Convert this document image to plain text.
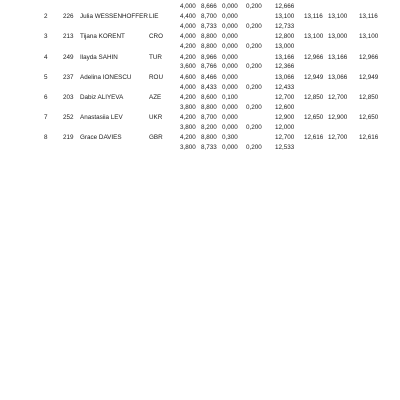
4,000 8,666 0,000 0,200 12,666
2 226 Julia WESSENHOFFER LIE	4,400 8,700 0,000	13,100 13,116 13,100 13,116
4,000 8,733 0,000 0,200 12,733
3 213 Tijana KORENT	CRO	4,000 8,800 0,000	12,800 13,100 13,000 13,100
4,200 8,800 0,000 0,200 13,000
4 249 Ilayda SAHIN	TUR	4,200 8,966 0,000	13,166 12,966 13,166 12,966
3,600 8,766 0,000 0,200 12,366
5 237 Adelina IONESCU	ROU	4,600 8,466 0,000	13,066 12,949 13,066 12,949
4,000 8,433 0,000 0,200 12,433
6 203 Dabiz ALIYEVA	AZE	4,200 8,600 0,100	12,700 12,850 12,700 12,850
3,800 8,800 0,000 0,200 12,600
7 252 Anastasiia LEV	UKR	4,200 8,700 0,000	12,900 12,650 12,900 12,650
3,800 8,200 0,000 0,200 12,000
8 219 Grace DAVIES	GBR	4,200 8,800 0,300	12,700 12,616 12,700 12,616
3,800 8,733 0,000 0,200 12,533
